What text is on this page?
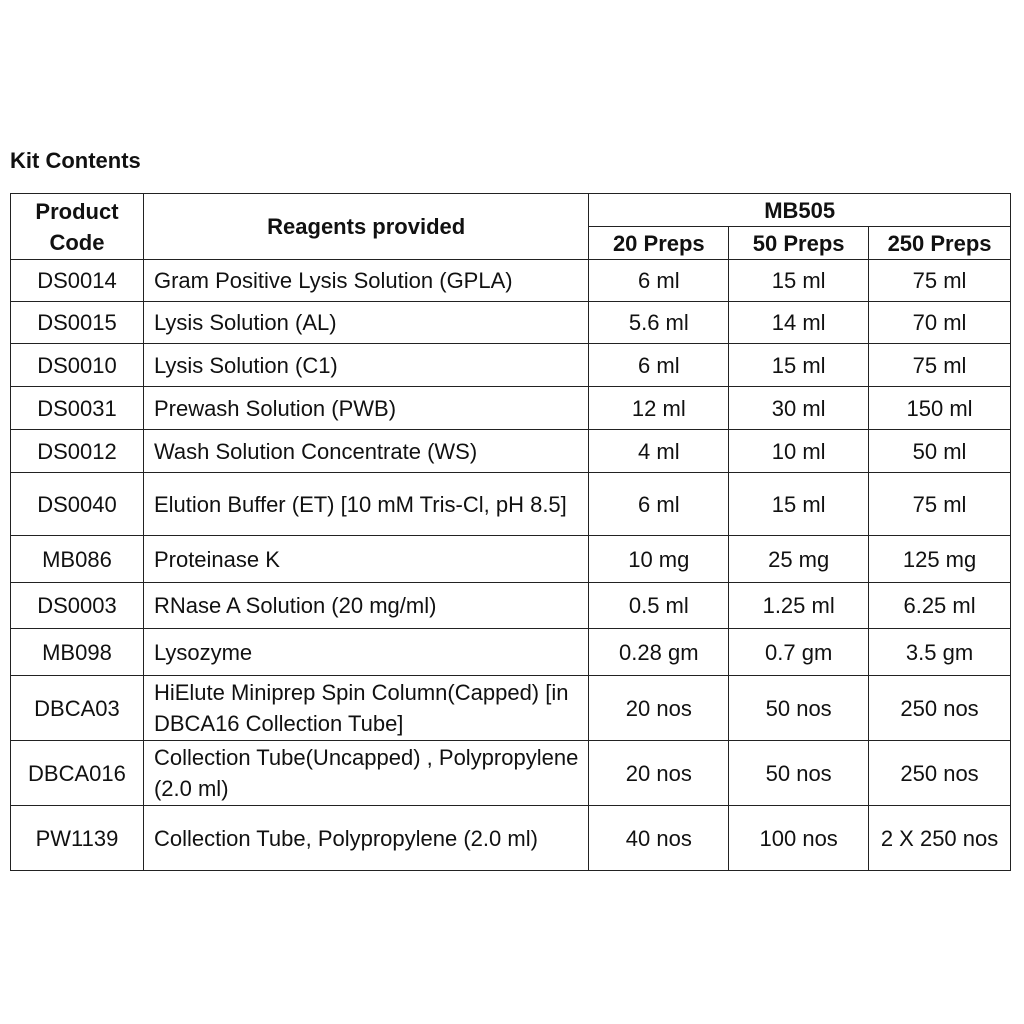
Kit Contents
Product Code	Reagents provided	MB505		
		20 Preps	50 Preps	250 Preps
DS0014	Gram Positive Lysis Solution (GPLA)	6 ml	15 ml	75 ml
DS0015	Lysis Solution (AL)	5.6 ml	14 ml	70 ml
DS0010	Lysis Solution (C1)	6 ml	15 ml	75 ml
DS0031	Prewash Solution (PWB)	12 ml	30 ml	150 ml
DS0012	Wash Solution Concentrate (WS)	4 ml	10 ml	50 ml
DS0040	Elution Buffer (ET) [10 mM Tris-Cl, pH 8.5]	6 ml	15 ml	75 ml
MB086	Proteinase K	10 mg	25 mg	125 mg
DS0003	RNase A Solution (20 mg/ml)	0.5 ml	1.25 ml	6.25 ml
MB098	Lysozyme	0.28 gm	0.7 gm	3.5 gm
DBCA03	HiElute Miniprep Spin Column(Capped) [in DBCA16 Collection Tube]	20 nos	50 nos	250 nos
DBCA016	Collection Tube(Uncapped) , Polypropylene (2.0 ml)	20 nos	50 nos	250 nos
PW1139	Collection Tube, Polypropylene (2.0 ml)	40 nos	100 nos	2 X 250 nos
